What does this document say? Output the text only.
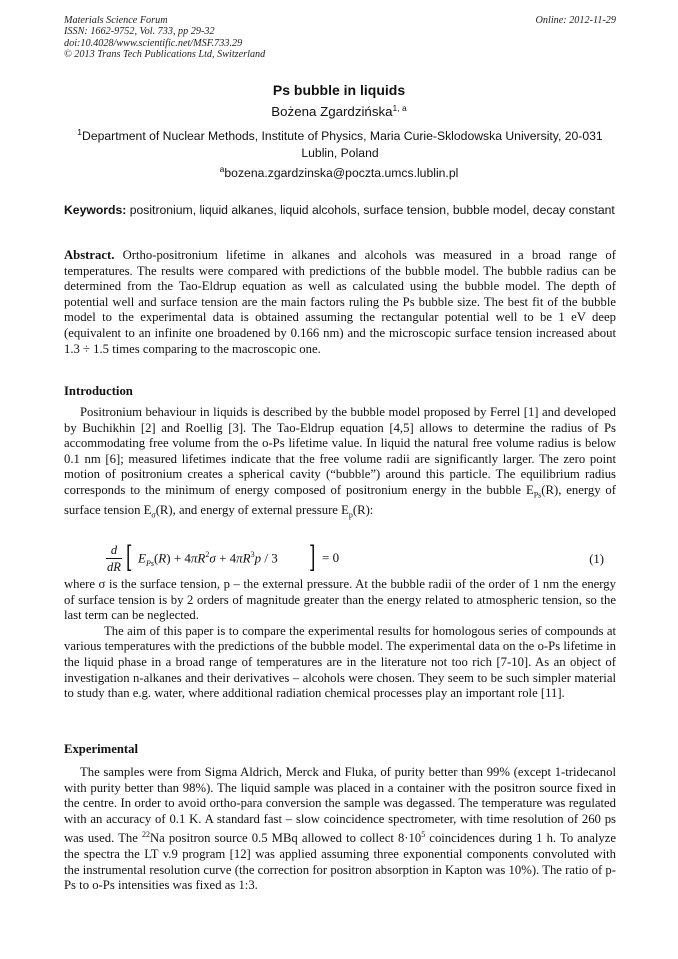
Materials Science Forum
ISSN: 1662-9752, Vol. 733, pp 29-32
doi:10.4028/www.scientific.net/MSF.733.29
© 2013 Trans Tech Publications Ltd, Switzerland
Online: 2012-11-29
Ps bubble in liquids
Bożena Zgardzińska$^{1, a}$
$^1$Department of Nuclear Methods, Institute of Physics, Maria Curie-Sklodowska University, 20-031 Lublin, Poland
$^a$bozena.zgardzinska@poczta.umcs.lublin.pl
Keywords: positronium, liquid alkanes, liquid alcohols, surface tension, bubble model, decay constant
Abstract. Ortho-positronium lifetime in alkanes and alcohols was measured in a broad range of temperatures. The results were compared with predictions of the bubble model. The bubble radius can be determined from the Tao-Eldrup equation as well as calculated using the bubble model. The depth of potential well and surface tension are the main factors ruling the Ps bubble size. The best fit of the bubble model to the experimental data is obtained assuming the rectangular potential well to be 1 eV deep (equivalent to an infinite one broadened by 0.166 nm) and the microscopic surface tension increased about 1.3 ÷ 1.5 times comparing to the macroscopic one.
Introduction

Positronium behaviour in liquids is described by the bubble model proposed by Ferrel [1] and developed by Buchikhin [2] and Roellig [3]. The Tao-Eldrup equation [4,5] allows to determine the radius of Ps accommodating free volume from the o-Ps lifetime value. In liquid the natural free volume radius is below 0.1 nm [6]; measured lifetimes indicate that the free volume radii are significantly larger. The zero point motion of positronium creates a spherical cavity (“bubble”) around this particle. The equilibrium radius corresponds to the minimum of energy composed of positronium energy in the bubble $E_{Ps}(R)$, energy of surface tension $E_\sigma(R)$, and energy of external pressure $E_p(R)$:

$\frac{d}{dR}$ [ $E_{Ps}(R) + 4\pi R^2\sigma + 4\pi R^3p / 3$ ] = 0	(1)

where σ is the surface tension, p – the external pressure. At the bubble radii of the order of 1 nm the energy of surface tension is by 2 orders of magnitude greater than the energy related to atmospheric tension, so the last term can be neglected.

The aim of this paper is to compare the experimental results for homologous series of compounds at various temperatures with the predictions of the bubble model. The experimental data on the o-Ps lifetime in the liquid phase in a broad range of temperatures are in the literature not too rich [7-10]. As an object of investigation n-alkanes and their derivatives – alcohols were chosen. They seem to be such simpler material to study than e.g. water, where additional radiation chemical processes play an important role [11].

Experimental

The samples were from Sigma Aldrich, Merck and Fluka, of purity better than 99% (except 1-tridecanol with purity better than 98%). The liquid sample was placed in a container with the positron source fixed in the centre. In order to avoid ortho-para conversion the sample was degassed. The temperature was regulated with an accuracy of 0.1 K. A standard fast – slow coincidence spectrometer, with time resolution of 260 ps was used. The $^{22}$Na positron source 0.5 MBq allowed to collect $8\cdot 10^5$ coincidences during 1 h. To analyze the spectra the LT v.9 program [12] was applied assuming three exponential components convoluted with the instrumental resolution curve (the correction for positron absorption in Kapton was 10%). The ratio of p-Ps to o-Ps intensities was fixed as 1:3.
